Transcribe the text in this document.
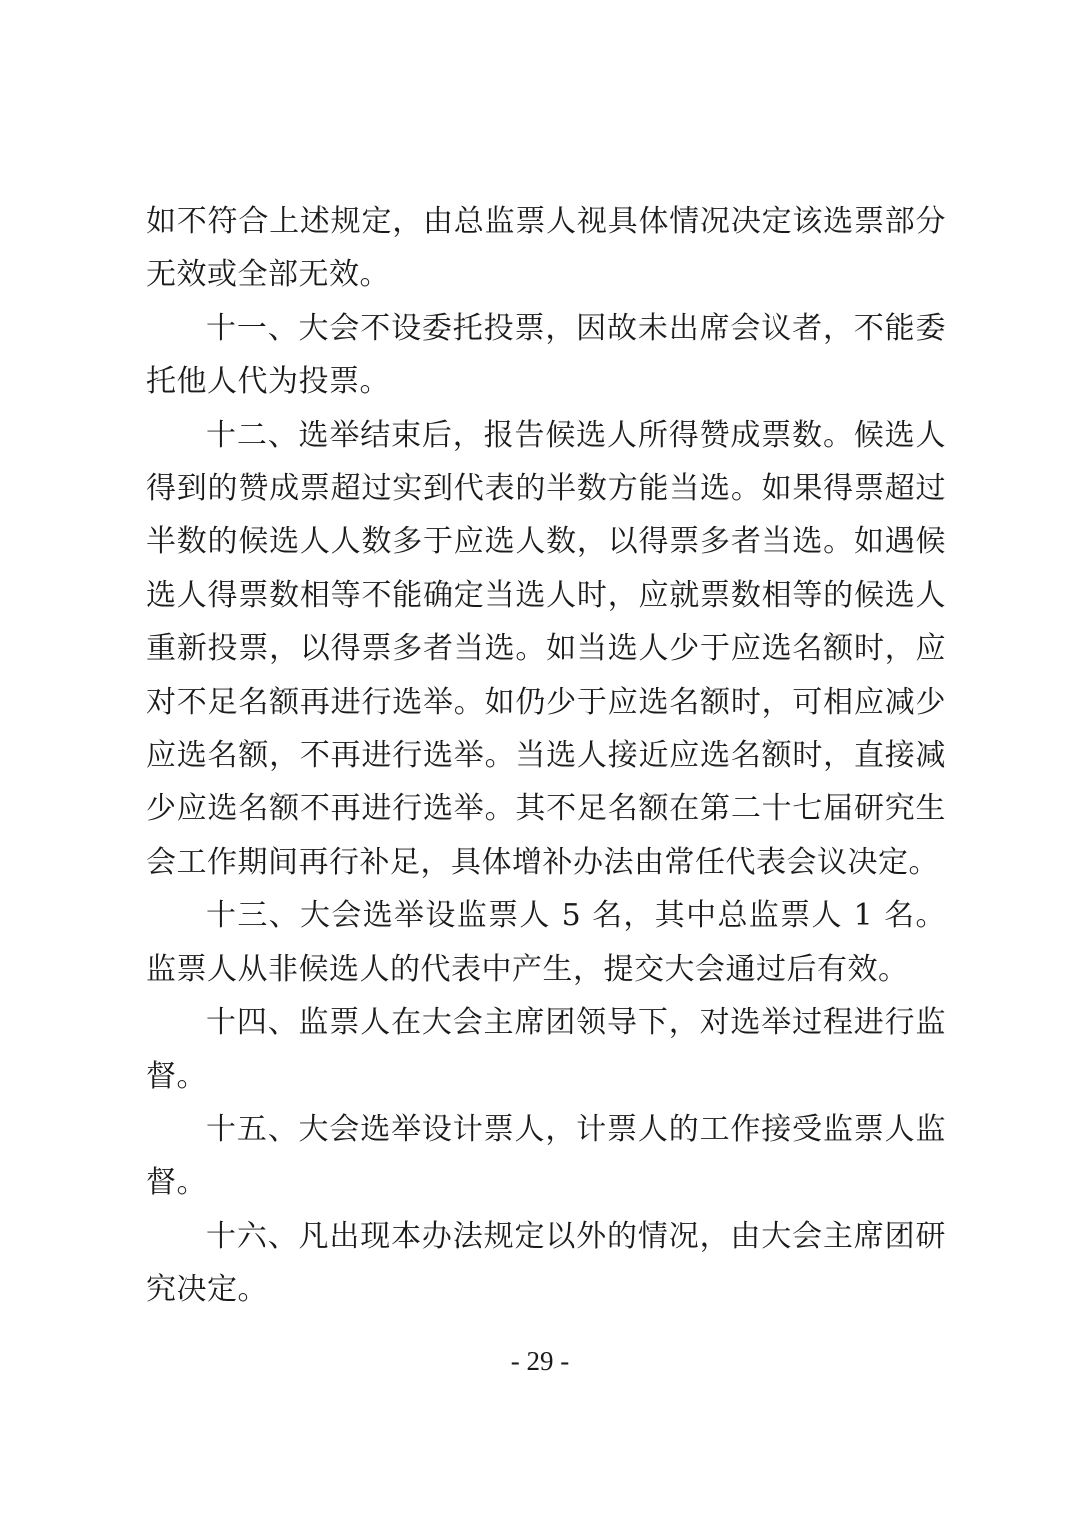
如不符合上述规定，由总监票人视具体情况决定该选票部分无效或全部无效。

十一、大会不设委托投票，因故未出席会议者，不能委托他人代为投票。

十二、选举结束后，报告候选人所得赞成票数。候选人得到的赞成票超过实到代表的半数方能当选。如果得票超过半数的候选人人数多于应选人数，以得票多者当选。如遇候选人得票数相等不能确定当选人时，应就票数相等的候选人重新投票，以得票多者当选。如当选人少于应选名额时，应对不足名额再进行选举。如仍少于应选名额时，可相应减少应选名额，不再进行选举。当选人接近应选名额时，直接减少应选名额不再进行选举。其不足名额在第二十七届研究生会工作期间再行补足，具体增补办法由常任代表会议决定。

十三、大会选举设监票人 5 名，其中总监票人 1 名。监票人从非候选人的代表中产生，提交大会通过后有效。

十四、监票人在大会主席团领导下，对选举过程进行监督。

十五、大会选举设计票人，计票人的工作接受监票人监督。

十六、凡出现本办法规定以外的情况，由大会主席团研究决定。

- 29 -
